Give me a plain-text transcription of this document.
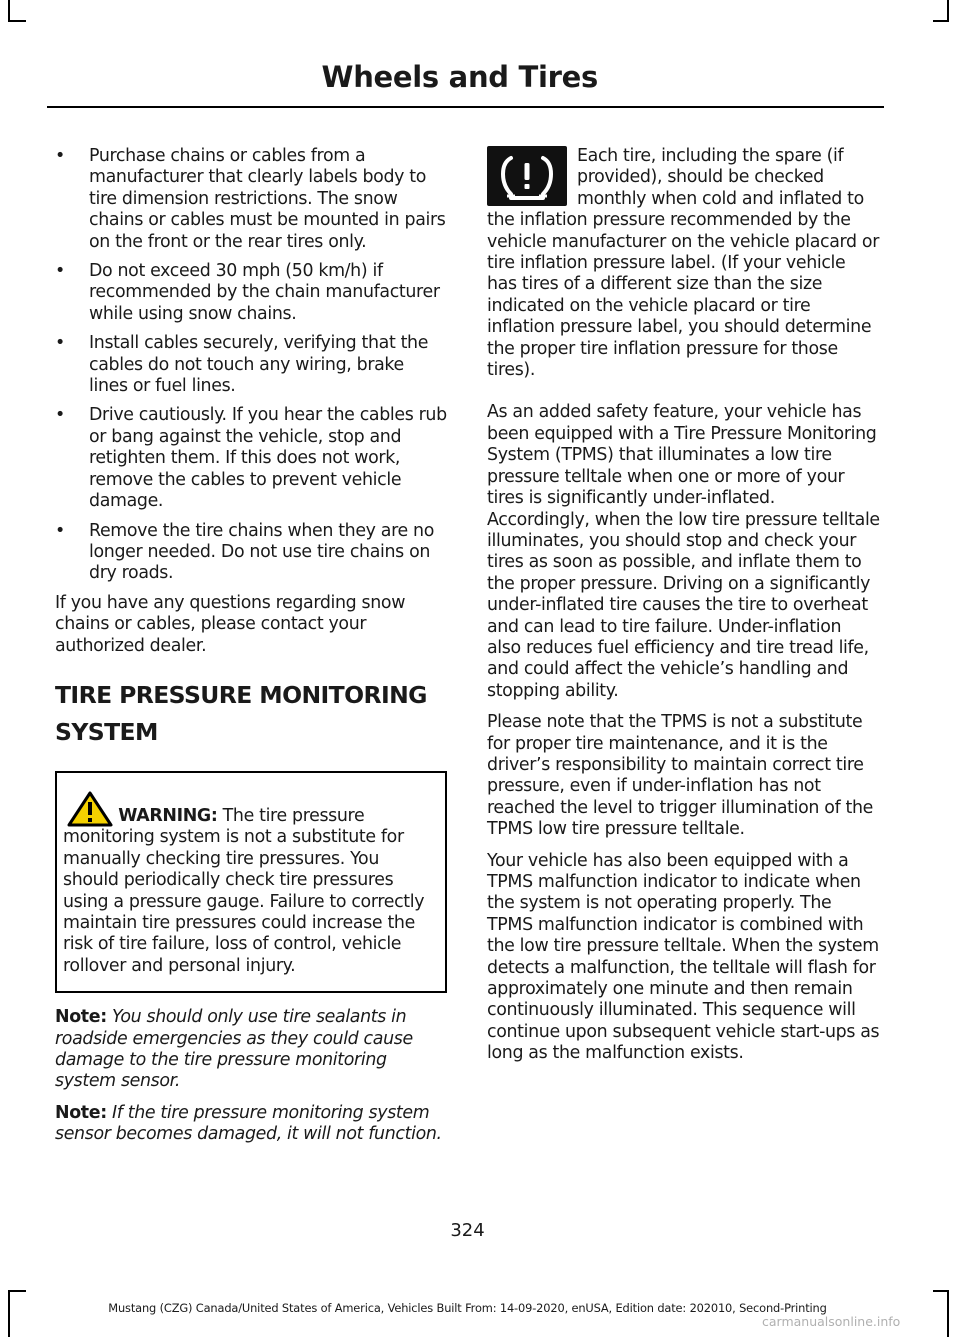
Wheels and Tires
• Purchase chains or cables from a manufacturer that clearly labels body to tire dimension restrictions. The snow chains or cables must be mounted in pairs on the front or the rear tires only.
• Do not exceed 30 mph (50 km/h) if recommended by the chain manufacturer while using snow chains.
• Install cables securely, verifying that the cables do not touch any wiring, brake lines or fuel lines.
• Drive cautiously. If you hear the cables rub or bang against the vehicle, stop and retighten them. If this does not work, remove the cables to prevent vehicle damage.
• Remove the tire chains when they are no longer needed. Do not use tire chains on dry roads.

If you have any questions regarding snow chains or cables, please contact your authorized dealer.

TIRE PRESSURE MONITORING
SYSTEM

WARNING: The tire pressure monitoring system is not a substitute for manually checking tire pressures. You should periodically check tire pressures using a pressure gauge. Failure to correctly maintain tire pressures could increase the risk of tire failure, loss of control, vehicle rollover and personal injury.

Note: You should only use tire sealants in roadside emergencies as they could cause damage to the tire pressure monitoring system sensor.

Note: If the tire pressure monitoring system sensor becomes damaged, it will not function.

Each tire, including the spare (if provided), should be checked monthly when cold and inflated to the inflation pressure recommended by the vehicle manufacturer on the vehicle placard or tire inflation pressure label. (If your vehicle has tires of a different size than the size indicated on the vehicle placard or tire inflation pressure label, you should determine the proper tire inflation pressure for those tires).

As an added safety feature, your vehicle has been equipped with a Tire Pressure Monitoring System (TPMS) that illuminates a low tire pressure telltale when one or more of your tires is significantly under-inflated. Accordingly, when the low tire pressure telltale illuminates, you should stop and check your tires as soon as possible, and inflate them to the proper pressure. Driving on a significantly under-inflated tire causes the tire to overheat and can lead to tire failure. Under-inflation also reduces fuel efficiency and tire tread life, and could affect the vehicle’s handling and stopping ability.

Please note that the TPMS is not a substitute for proper tire maintenance, and it is the driver’s responsibility to maintain correct tire pressure, even if under-inflation has not reached the level to trigger illumination of the TPMS low tire pressure telltale.

Your vehicle has also been equipped with a TPMS malfunction indicator to indicate when the system is not operating properly. The TPMS malfunction indicator is combined with the low tire pressure telltale. When the system detects a malfunction, the telltale will flash for approximately one minute and then remain continuously illuminated. This sequence will continue upon subsequent vehicle start-ups as long as the malfunction exists.

324
Mustang (CZG) Canada/United States of America, Vehicles Built From: 14-09-2020, enUSA, Edition date: 202010, Second-Printing
carmanualsonline.info
